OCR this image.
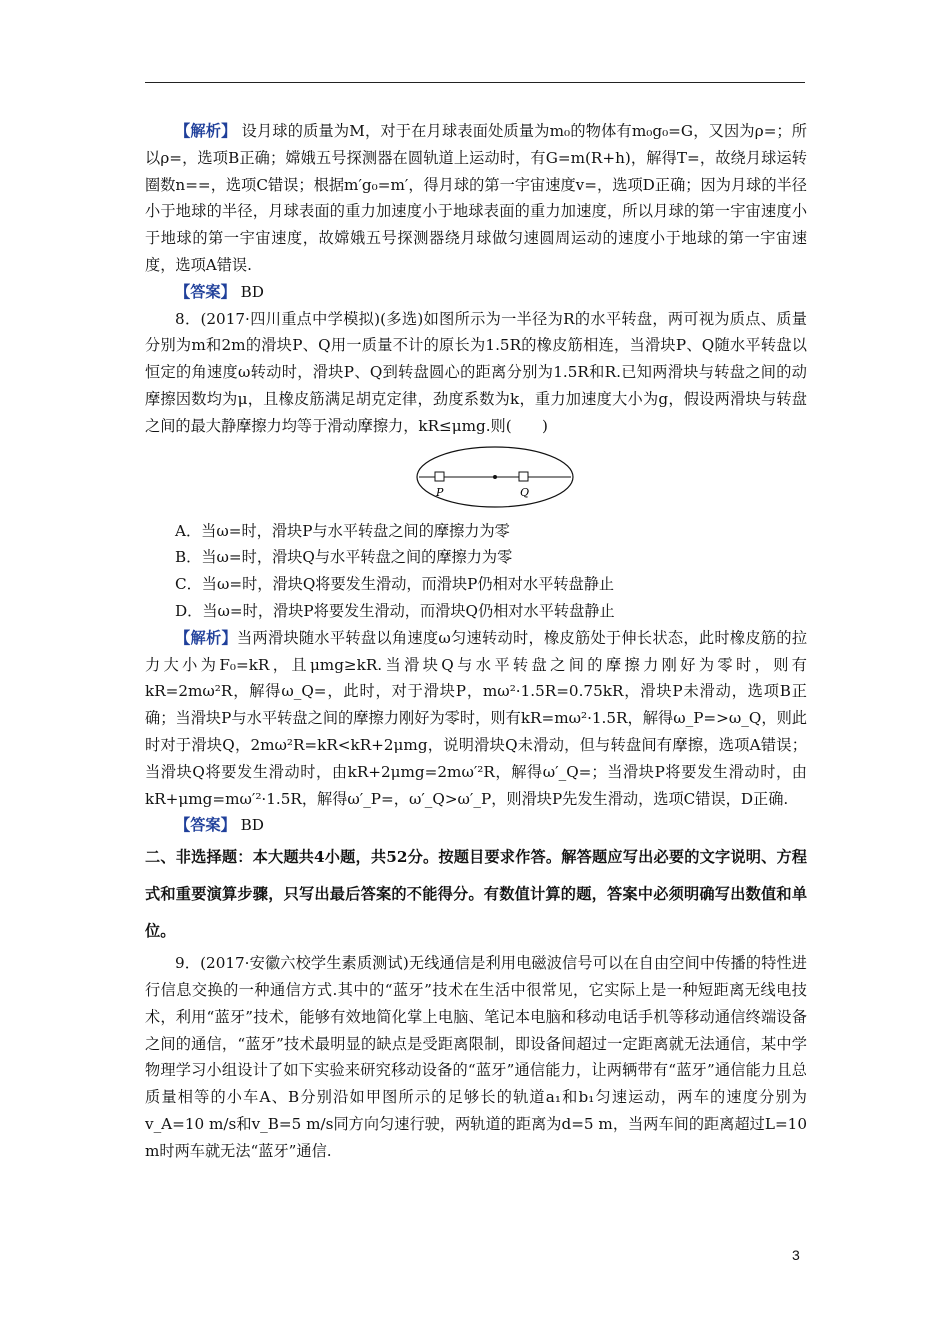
【解析】 设月球的质量为M，对于在月球表面处质量为m₀的物体有m₀g₀=G，又因为ρ=；所以ρ=，选项B正确；嫦娥五号探测器在圆轨道上运动时，有G=m(R+h)，解得T=，故绕月球运转圈数n==，选项C错误；根据m′g₀=m′，得月球的第一宇宙速度v=，选项D正确；因为月球的半径小于地球的半径，月球表面的重力加速度小于地球表面的重力加速度，所以月球的第一宇宙速度小于地球的第一宇宙速度，故嫦娥五号探测器绕月球做匀速圆周运动的速度小于地球的第一宇宙速度，选项A错误.

【答案】 BD

8．(2017·四川重点中学模拟)(多选)如图所示为一半径为R的水平转盘，两可视为质点、质量分别为m和2m的滑块P、Q用一质量不计的原长为1.5R的橡皮筋相连，当滑块P、Q随水平转盘以恒定的角速度ω转动时，滑块P、Q到转盘圆心的距离分别为1.5R和R.已知两滑块与转盘之间的动摩擦因数均为μ，且橡皮筋满足胡克定律，劲度系数为k，重力加速度大小为g，假设两滑块与转盘之间的最大静摩擦力均等于滑动摩擦力，kR≤μmg.则(　　)

P	Q

A．当ω=时，滑块P与水平转盘之间的摩擦力为零

B．当ω=时，滑块Q与水平转盘之间的摩擦力为零

C．当ω=时，滑块Q将要发生滑动，而滑块P仍相对水平转盘静止

D．当ω=时，滑块P将要发生滑动，而滑块Q仍相对水平转盘静止

【解析】当两滑块随水平转盘以角速度ω匀速转动时，橡皮筋处于伸长状态，此时橡皮筋的拉力大小为F₀=kR，且μmg≥kR.当滑块Q与水平转盘之间的摩擦力刚好为零时，则有kR=2mω²R，解得ω_Q=，此时，对于滑块P，mω²·1.5R=0.75kR，滑块P未滑动，选项B正确；当滑块P与水平转盘之间的摩擦力刚好为零时，则有kR=mω²·1.5R，解得ω_P=>ω_Q，则此时对于滑块Q，2mω²R=kR<kR+2μmg，说明滑块Q未滑动，但与转盘间有摩擦，选项A错误；当滑块Q将要发生滑动时，由kR+2μmg=2mω′²R，解得ω′_Q=；当滑块P将要发生滑动时，由kR+μmg=mω′²·1.5R，解得ω′_P=，ω′_Q>ω′_P，则滑块P先发生滑动，选项C错误，D正确.

【答案】 BD

二、非选择题：本大题共4小题，共52分。按题目要求作答。解答题应写出必要的文字说明、方程式和重要演算步骤，只写出最后答案的不能得分。有数值计算的题，答案中必须明确写出数值和单位。

9．(2017·安徽六校学生素质测试)无线通信是利用电磁波信号可以在自由空间中传播的特性进行信息交换的一种通信方式.其中的“蓝牙”技术在生活中很常见，它实际上是一种短距离无线电技术，利用“蓝牙”技术，能够有效地简化掌上电脑、笔记本电脑和移动电话手机等移动通信终端设备之间的通信，“蓝牙”技术最明显的缺点是受距离限制，即设备间超过一定距离就无法通信，某中学物理学习小组设计了如下实验来研究移动设备的“蓝牙”通信能力，让两辆带有“蓝牙”通信能力且总质量相等的小车A、B分别沿如甲图所示的足够长的轨道a₁和b₁匀速运动，两车的速度分别为v_A=10 m/s和v_B=5 m/s同方向匀速行驶，两轨道的距离为d=5 m，当两车间的距离超过L=10 m时两车就无法“蓝牙”通信.

3
